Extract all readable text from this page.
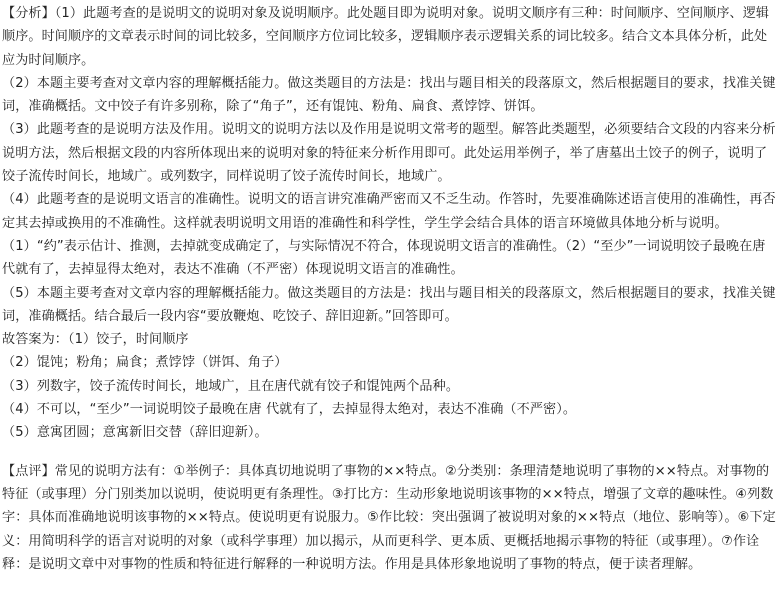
​

【分析】（1）此题考查的是说明文的说明对象及说明顺序。此处题目即为说明对象。说明文顺序有三种：时间顺序、空间顺序、逻辑顺序。时间顺序的文章表示时间的词比较多，空间顺序方位词比较多，逻辑顺序表示逻辑关系的词比较多。结合文本具体分析，此处应为时间顺序。

（2）本题主要考查对文章内容的理解概括能力。做这类题目的方法是：找出与题目相关的段落原文，然后根据题目的要求，找准关键词，准确概括。文中饺子有许多别称，除了“角子”，还有馄饨、粉角、扁食、煮饽饽、饼饵。

（3）此题考查的是说明方法及作用。说明文的说明方法以及作用是说明文常考的题型。解答此类题型，必须要结合文段的内容来分析说明方法，然后根据文段的内容所体现出来的说明对象的特征来分析作用即可。此处运用举例子，举了唐墓出土饺子的例子，说明了饺子流传时间长，地域广。或列数字，同样说明了饺子流传时间长，地域广。

（4）此题考查的是说明文语言的准确性。说明文的语言讲究准确严密而又不乏生动。作答时，先要准确陈述语言使用的准确性，再否定其去掉或换用的不准确性。这样就表明说明文用语的准确性和科学性，学生学会结合具体的语言环境做具体地分析与说明。（1）“约”表示估计、推测，去掉就变成确定了，与实际情况不符合，体现说明文语言的准确性。（2）“至少”一词说明饺子最晚在唐代就有了，去掉显得太绝对，表达不准确（不严密）体现说明文语言的准确性。

（5）本题主要考查对文章内容的理解概括能力。做这类题目的方法是：找出与题目相关的段落原文，然后根据题目的要求，找准关键词，准确概括。结合最后一段内容“要放鞭炮、吃饺子、辞旧迎新。”回答即可。

故答案为：（1）饺子，时间顺序

（2）馄饨；粉角；扁食；煮饽饽（饼饵、角子）

（3）列数字，饺子流传时间长，地域广，且在唐代就有饺子和馄饨两个品种。

（4）不可以，“至少”一词说明饺子最晚在唐 代就有了，去掉显得太绝对，表达不准确（不严密）。

（5）意寓团圆；意寓新旧交替（辞旧迎新）。

【点评】常见的说明方法有：①举例子：具体真切地说明了事物的××特点。②分类别：条理清楚地说明了事物的××特点。对事物的特征（或事理）分门别类加以说明，使说明更有条理性。③打比方：生动形象地说明该事物的××特点，增强了文章的趣味性。④列数字：具体而准确地说明该事物的××特点。使说明更有说服力。⑤作比较：突出强调了被说明对象的××特点（地位、影响等）。⑥下定义：用简明科学的语言对说明的对象（或科学事理）加以揭示，从而更科学、更本质、更概括地揭示事物的特征（或事理）。⑦作诠释：是说明文章中对事物的性质和特征进行解释的一种说明方法。作用是具体形象地说明了事物的特点，便于读者理解。
